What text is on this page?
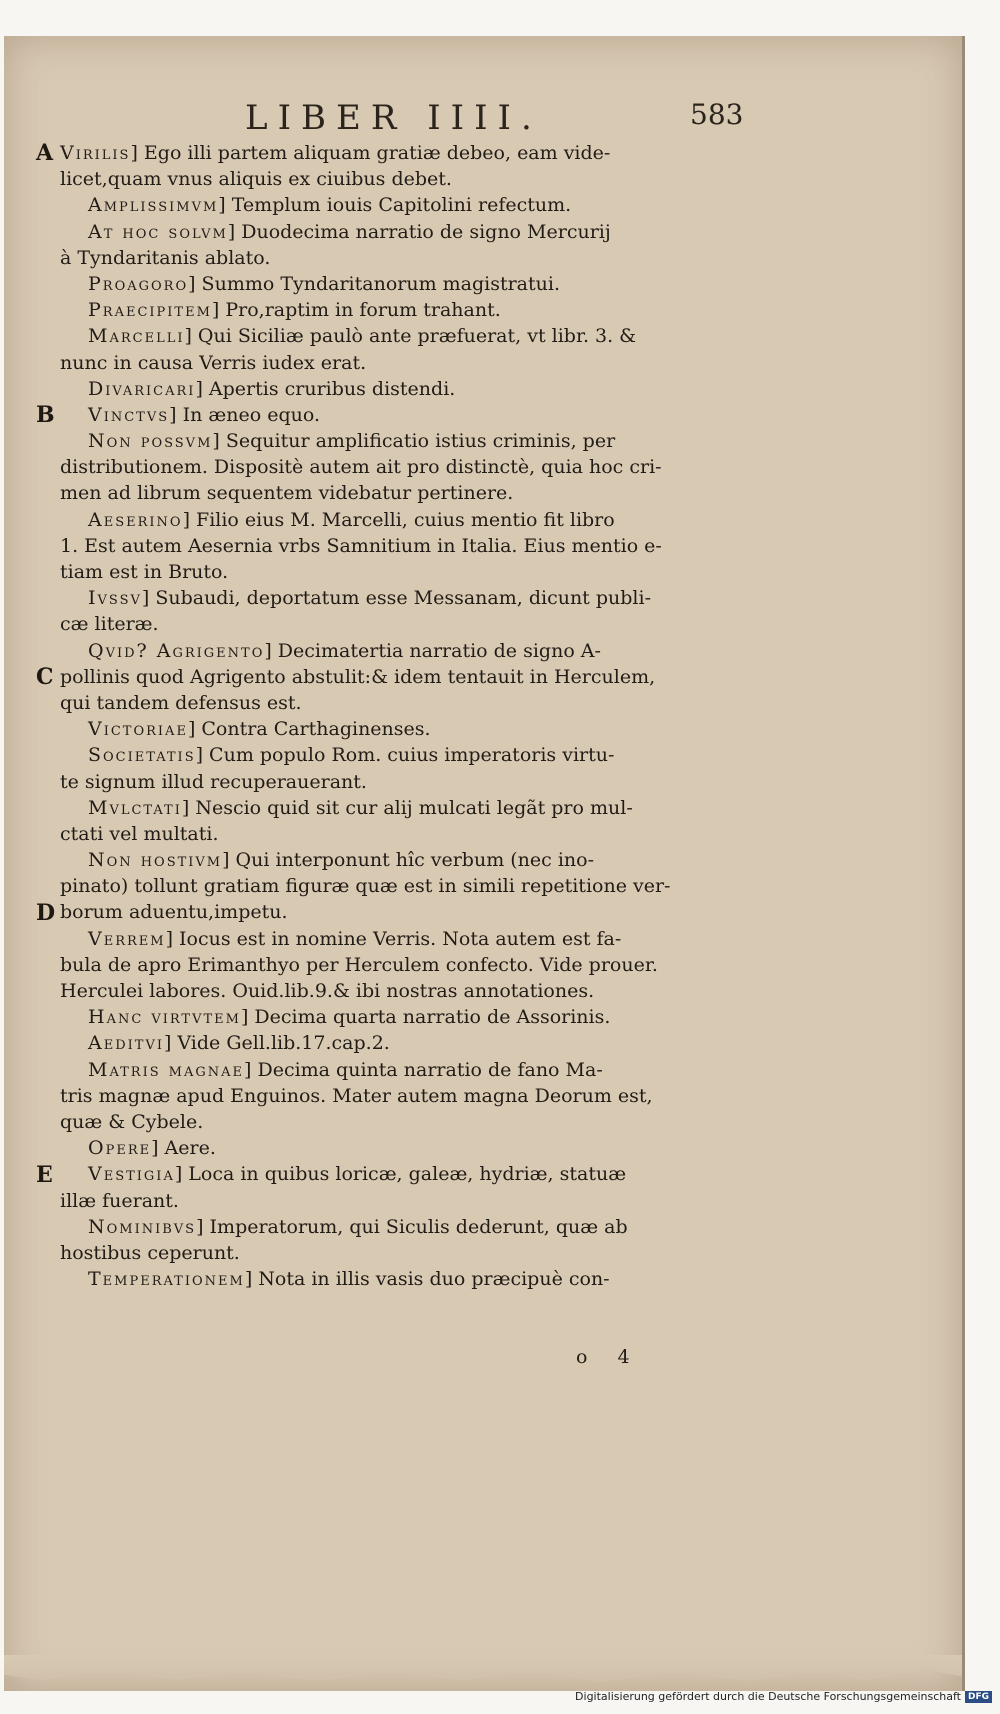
LIBER IIII.	583
Virilis] Ego illi partem aliquam gratiæ debeo, eam vide-
licet,quam vnus aliquis ex ciuibus debet.
Amplissimvm] Templum iouis Capitolini refectum.
At hoc solvm] Duodecima narratio de signo Mercurij
à Tyndaritanis ablato.
Proagoro] Summo Tyndaritanorum magistratui.
Praecipitem] Pro,raptim in forum trahant.
Marcelli] Qui Siciliæ paulò ante præfuerat, vt libr. 3. &
nunc in causa Verris iudex erat.
Divaricari] Apertis cruribus distendi.
Vinctvs] In æneo equo.
Non possvm] Sequitur amplificatio istius criminis, per
distributionem. Dispositè autem ait pro distinctè, quia hoc cri-
men ad librum sequentem videbatur pertinere.
Aeserino] Filio eius M. Marcelli, cuius mentio fit libro
1. Est autem Aesernia vrbs Samnitium in Italia. Eius mentio e-
tiam est in Bruto.
Ivssv] Subaudi, deportatum esse Messanam, dicunt publi-
cæ literæ.
Qvid? Agrigento] Decimatertia narratio de signo A-
pollinis quod Agrigento abstulit:& idem tentauit in Herculem,
qui tandem defensus est.
Victoriae] Contra Carthaginenses.
Societatis] Cum populo Rom. cuius imperatoris virtu-
te signum illud recuperauerant.
Mvlctati] Nescio quid sit cur alij mulcati legãt pro mul-
ctati vel multati.
Non hostivm] Qui interponunt hîc verbum (nec ino-
pinato) tollunt gratiam figuræ quæ est in simili repetitione ver-
borum aduentu,impetu.
Verrem] Iocus est in nomine Verris. Nota autem est fa-
bula de apro Erimanthyo per Herculem confecto. Vide prouer.
Herculei labores. Ouid.lib.9.& ibi nostras annotationes.
Hanc virtvtem] Decima quarta narratio de Assorinis.
Aeditvi] Vide Gell.lib.17.cap.2.
Matris magnae] Decima quinta narratio de fano Ma-
tris magnæ apud Enguinos. Mater autem magna Deorum est,
quæ & Cybele.
Opere] Aere.
Vestigia] Loca in quibus loricæ, galeæ, hydriæ, statuæ
illæ fuerant.
Nominibvs] Imperatorum, qui Siculis dederunt, quæ ab
hostibus ceperunt.
Temperationem] Nota in illis vasis duo præcipuè con-
A
B
C
D
E
o 4
Digitalisierung gefördert durch die Deutsche Forschungsgemeinschaft DFG
